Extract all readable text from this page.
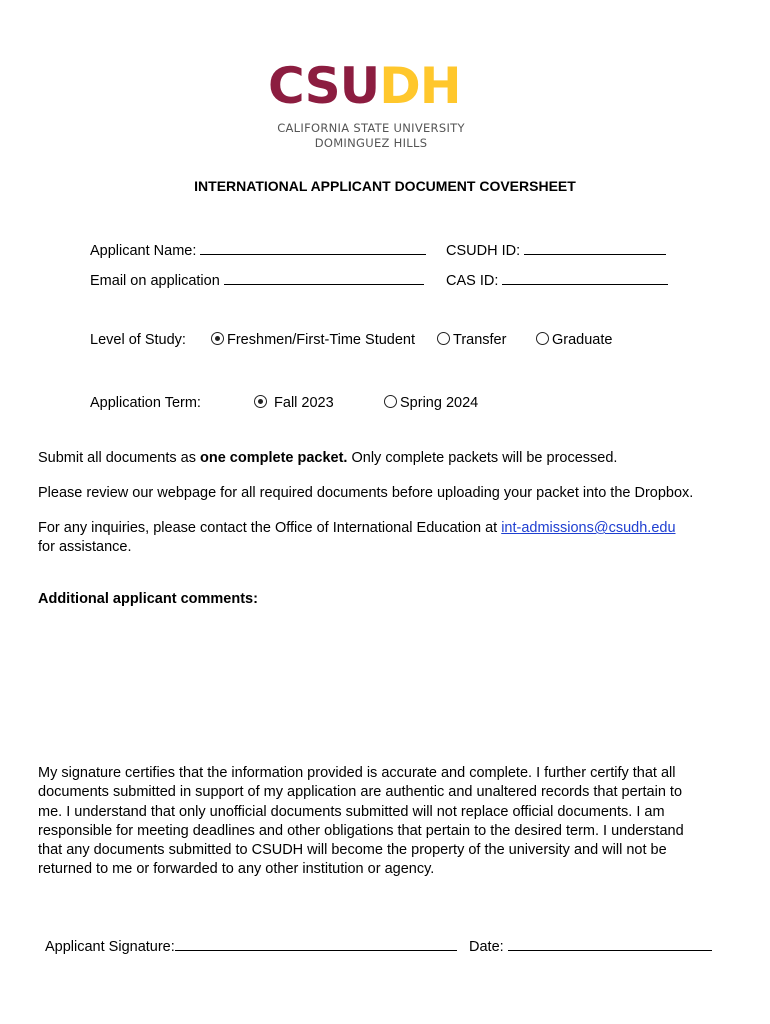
CSUDH
CALIFORNIA STATE UNIVERSITY
DOMINGUEZ HILLS
INTERNATIONAL APPLICANT DOCUMENT COVERSHEET
Applicant Name:	CSUDH ID:
Email on application	CAS ID:
Level of Study:	Freshmen/First-Time Student	Transfer	Graduate
Application Term:	Fall 2023	Spring 2024
Submit all documents as one complete packet. Only complete packets will be processed.
Please review our webpage for all required documents before uploading your packet into the Dropbox.
For any inquiries, please contact the Office of International Education at int-admissions@csudh.edu
for assistance.
Additional applicant comments:
My signature certifies that the information provided is accurate and complete. I further certify that all
documents submitted in support of my application are authentic and unaltered records that pertain to
me. I understand that only unofficial documents submitted will not replace official documents. I am
responsible for meeting deadlines and other obligations that pertain to the desired term. I understand
that any documents submitted to CSUDH will become the property of the university and will not be
returned to me or forwarded to any other institution or agency.
Applicant Signature:	Date:
